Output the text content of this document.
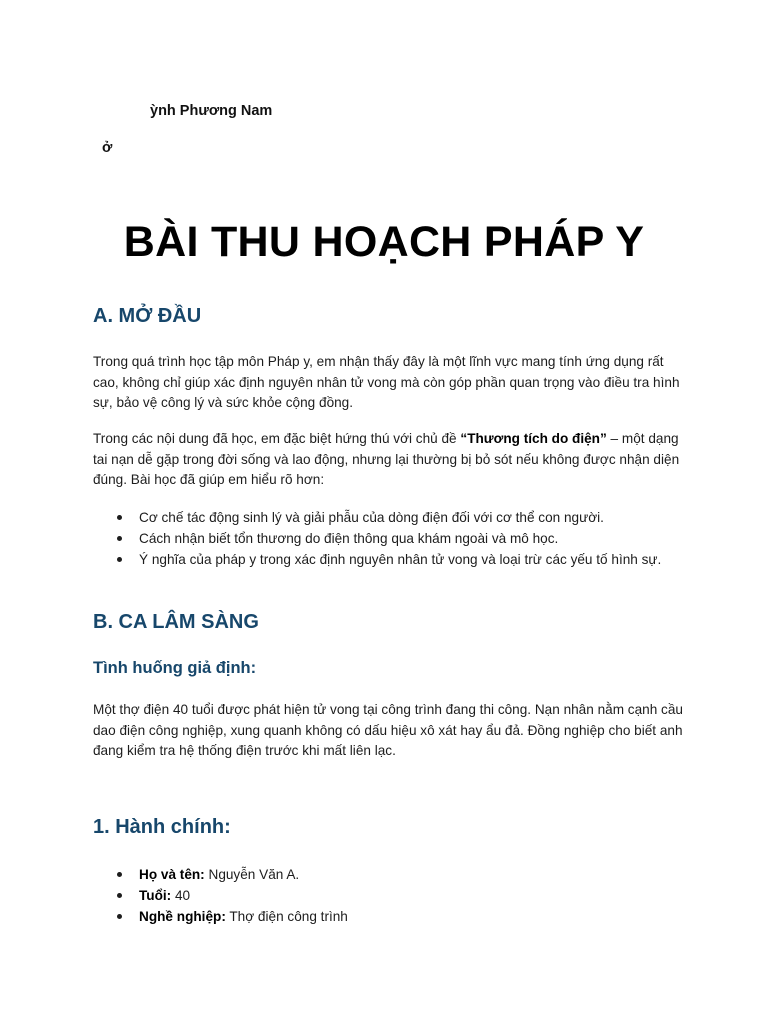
ỳnh Phương Nam
ở
BÀI THU HOẠCH PHÁP Y
A. MỞ ĐẦU

Trong quá trình học tập môn Pháp y, em nhận thấy đây là một lĩnh vực mang tính ứng dụng rất cao, không chỉ giúp xác định nguyên nhân tử vong mà còn góp phần quan trọng vào điều tra hình sự, bảo vệ công lý và sức khỏe cộng đồng.

Trong các nội dung đã học, em đặc biệt hứng thú với chủ đề “Thương tích do điện” – một dạng tai nạn dễ gặp trong đời sống và lao động, nhưng lại thường bị bỏ sót nếu không được nhận diện đúng. Bài học đã giúp em hiểu rõ hơn:

Cơ chế tác động sinh lý và giải phẫu của dòng điện đối với cơ thể con người.
Cách nhận biết tổn thương do điện thông qua khám ngoài và mô học.
Ý nghĩa của pháp y trong xác định nguyên nhân tử vong và loại trừ các yếu tố hình sự.
B. CA LÂM SÀNG
Tình huống giả định:

Một thợ điện 40 tuổi được phát hiện tử vong tại công trình đang thi công. Nạn nhân nằm cạnh cầu dao điện công nghiệp, xung quanh không có dấu hiệu xô xát hay ẩu đả. Đồng nghiệp cho biết anh đang kiểm tra hệ thống điện trước khi mất liên lạc.

1. Hành chính:
Họ và tên: Nguyễn Văn A.
Tuổi: 40
Nghề nghiệp: Thợ điện công trình
